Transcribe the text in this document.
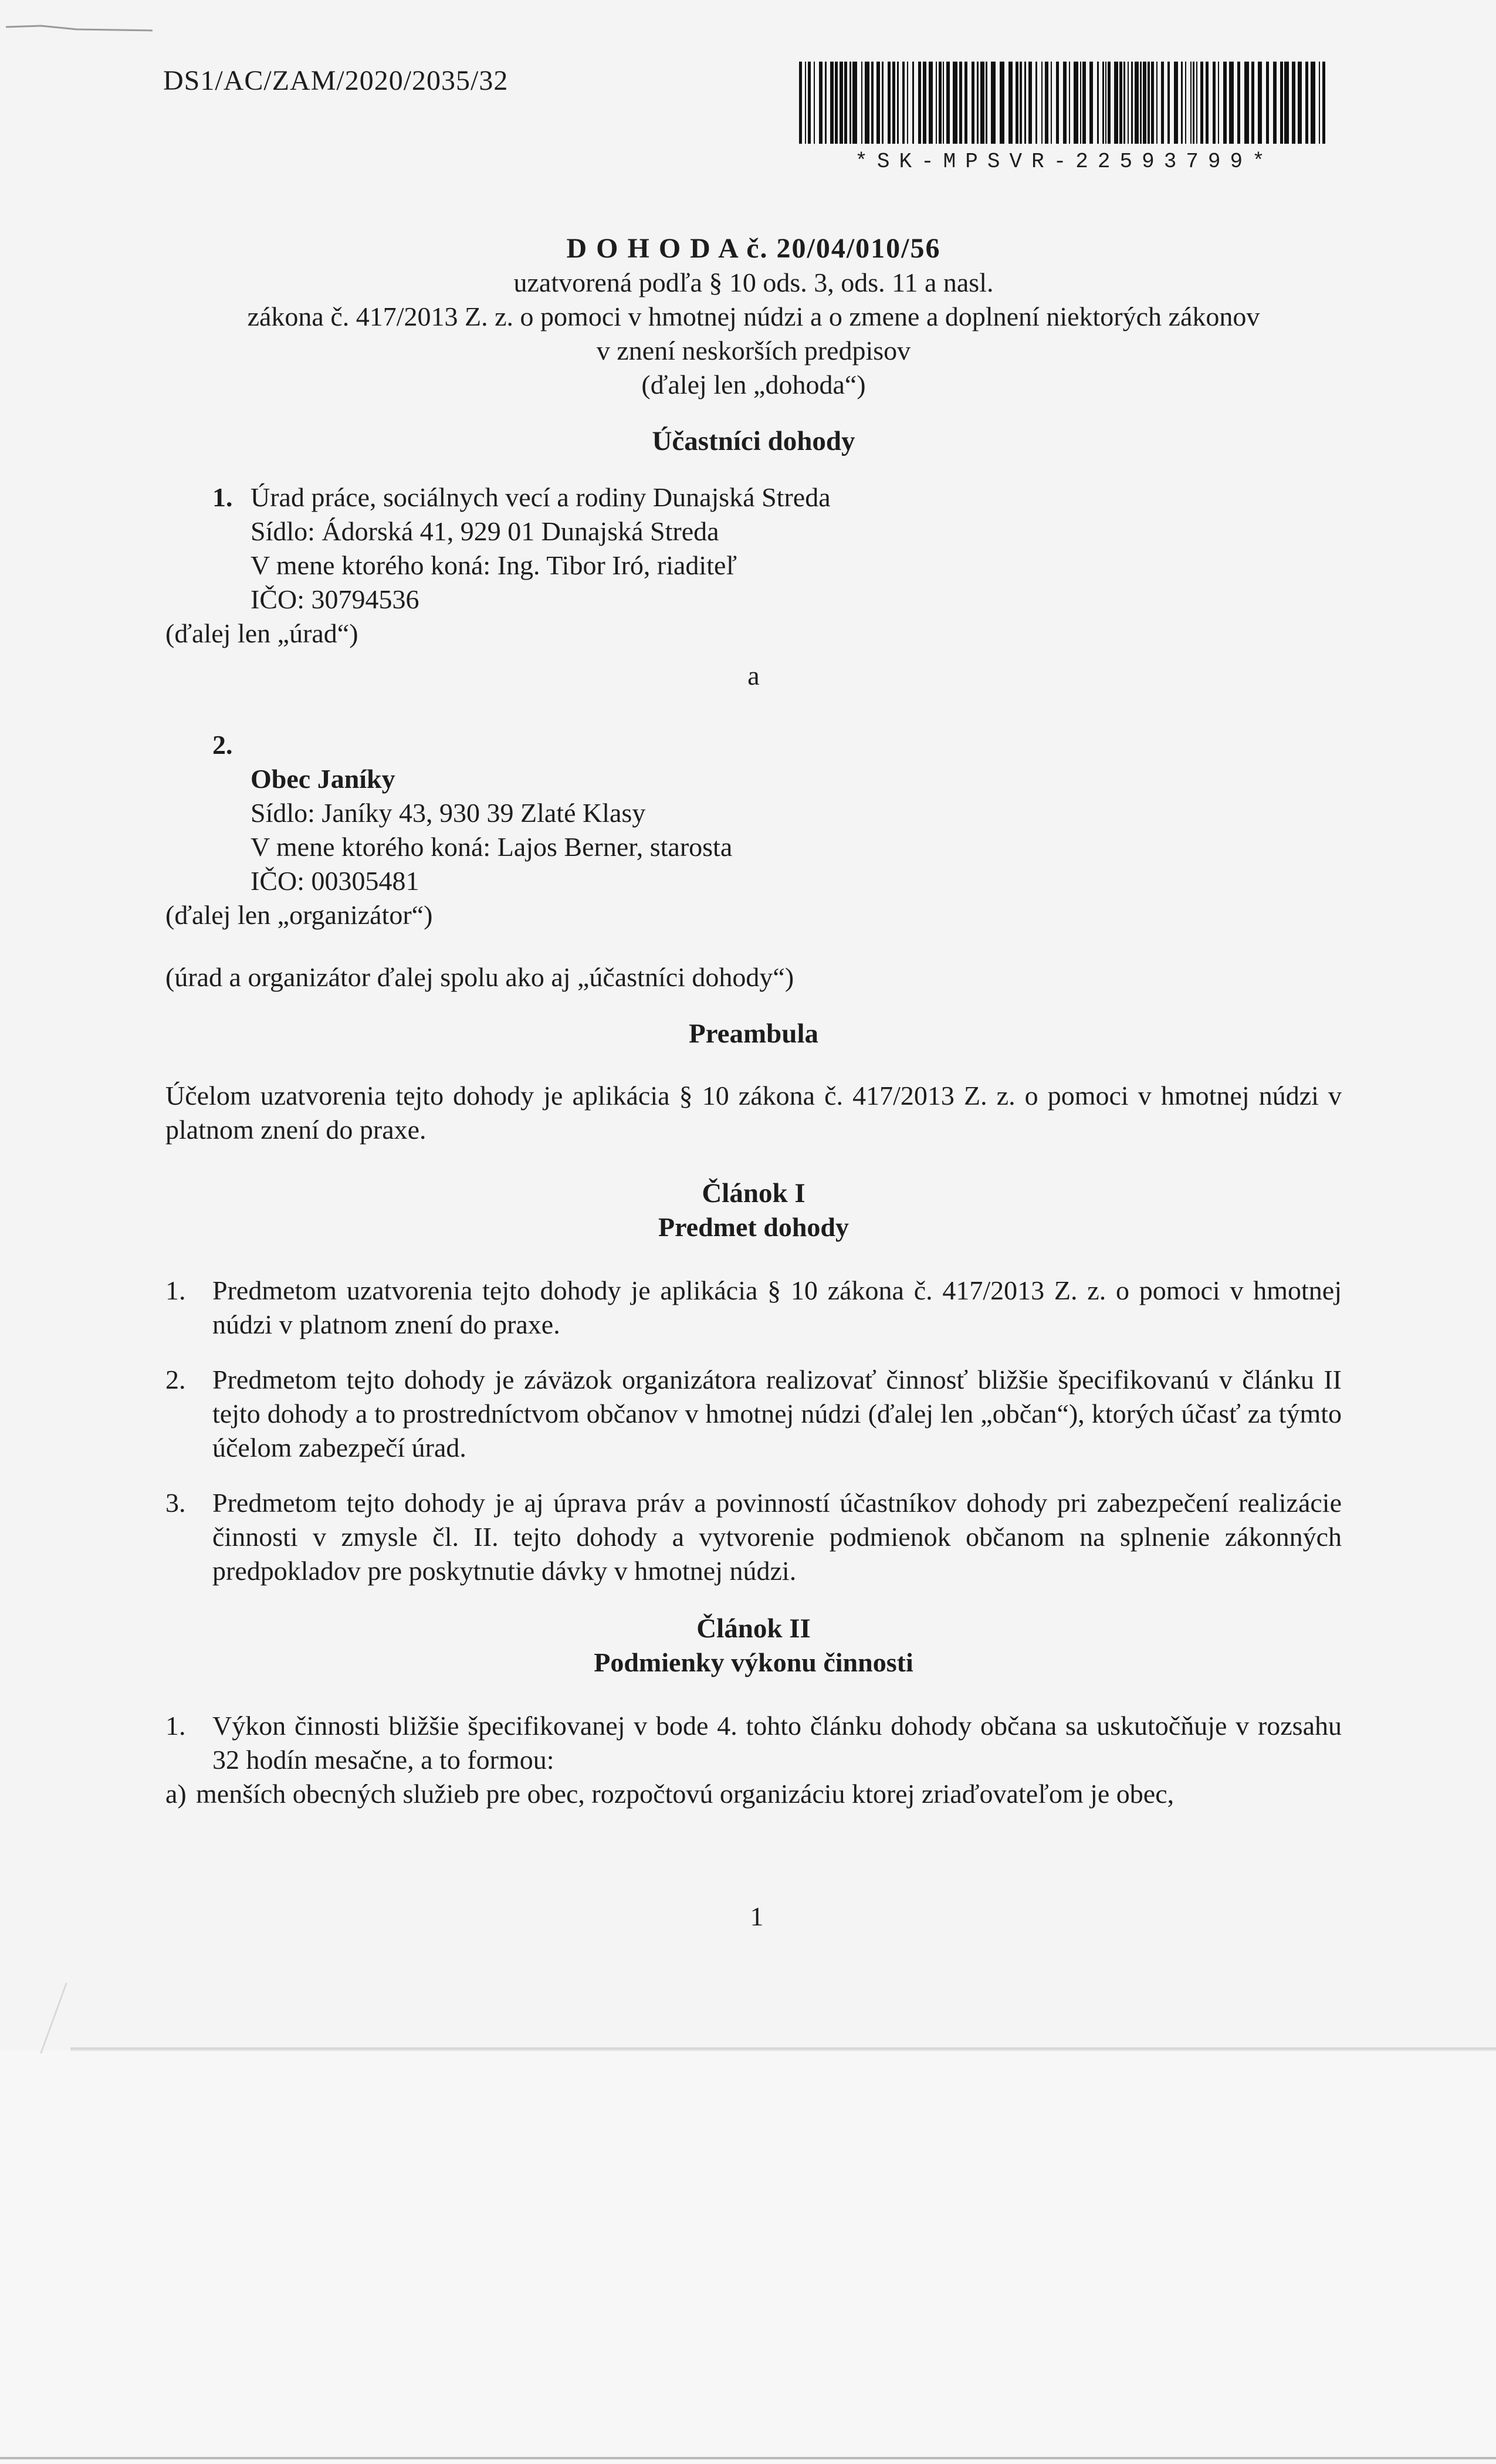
DS1/AC/ZAM/2020/2035/32
*SK-MPSVR-22593799*
D O H O D A č. 20/04/010/56
uzatvorená podľa § 10 ods. 3, ods. 11 a nasl.
zákona č. 417/2013 Z. z. o pomoci v hmotnej núdzi a o zmene a doplnení niektorých zákonov
v znení neskorších predpisov
(ďalej len „dohoda“)
Účastníci dohody
1. Úrad práce, sociálnych vecí a rodiny Dunajská Streda
Sídlo: Ádorská 41, 929 01 Dunajská Streda
V mene ktorého koná: Ing. Tibor Iró, riaditeľ
IČO: 30794536
(ďalej len „úrad“)
a
2.
Obec Janíky
Sídlo: Janíky 43, 930 39 Zlaté Klasy
V mene ktorého koná: Lajos Berner, starosta
IČO: 00305481
(ďalej len „organizátor“)
(úrad a organizátor ďalej spolu ako aj „účastníci dohody“)
Preambula
Účelom uzatvorenia tejto dohody je aplikácia § 10 zákona č. 417/2013 Z. z. o pomoci v hmotnej núdzi v platnom znení do praxe.
Článok I
Predmet dohody
1. Predmetom uzatvorenia tejto dohody je aplikácia § 10 zákona č. 417/2013 Z. z. o pomoci v hmotnej núdzi v platnom znení do praxe.
2. Predmetom tejto dohody je záväzok organizátora realizovať činnosť bližšie špecifikovanú v článku II tejto dohody a to prostredníctvom občanov v hmotnej núdzi (ďalej len „občan“), ktorých účasť za týmto účelom zabezpečí úrad.
3. Predmetom tejto dohody je aj úprava práv a povinností účastníkov dohody pri zabezpečení realizácie činnosti v zmysle čl. II. tejto dohody a vytvorenie podmienok občanom na splnenie zákonných predpokladov pre poskytnutie dávky v hmotnej núdzi.
Článok II
Podmienky výkonu činnosti
1. Výkon činnosti bližšie špecifikovanej v bode 4. tohto článku dohody občana sa uskutočňuje v rozsahu 32 hodín mesačne, a to formou:
a) menších obecných služieb pre obec, rozpočtovú organizáciu ktorej zriaďovateľom je obec,
1
